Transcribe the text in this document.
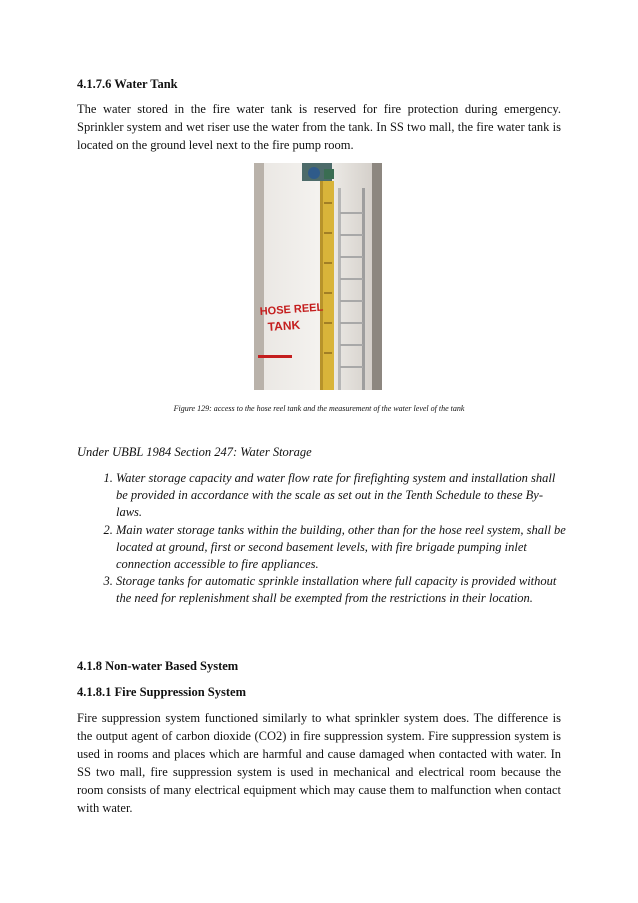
4.1.7.6 Water Tank

The water stored in the fire water tank is reserved for fire protection during emergency. Sprinkler system and wet riser use the water from the tank. In SS two mall, the fire water tank is located on the ground level next to the fire pump room.

HOSE REEL
TANK
Figure 129: access to the hose reel tank and the measurement of the water level of the tank

Under UBBL 1984 Section 247: Water Storage

1. Water storage capacity and water flow rate for firefighting system and installation shall be provided in accordance with the scale as set out in the Tenth Schedule to these By-laws.
2. Main water storage tanks within the building, other than for the hose reel system, shall be located at ground, first or second basement levels, with fire brigade pumping inlet connection accessible to fire appliances.
3. Storage tanks for automatic sprinkle installation where full capacity is provided without the need for replenishment shall be exempted from the restrictions in their location.
4.1.8 Non-water Based System
4.1.8.1 Fire Suppression System

Fire suppression system functioned similarly to what sprinkler system does. The difference is the output agent of carbon dioxide (CO2) in fire suppression system. Fire suppression system is used in rooms and places which are harmful and cause damaged when contacted with water. In SS two mall, fire suppression system is used in mechanical and electrical room because the room consists of many electrical equipment which may cause them to malfunction when contact with water.
